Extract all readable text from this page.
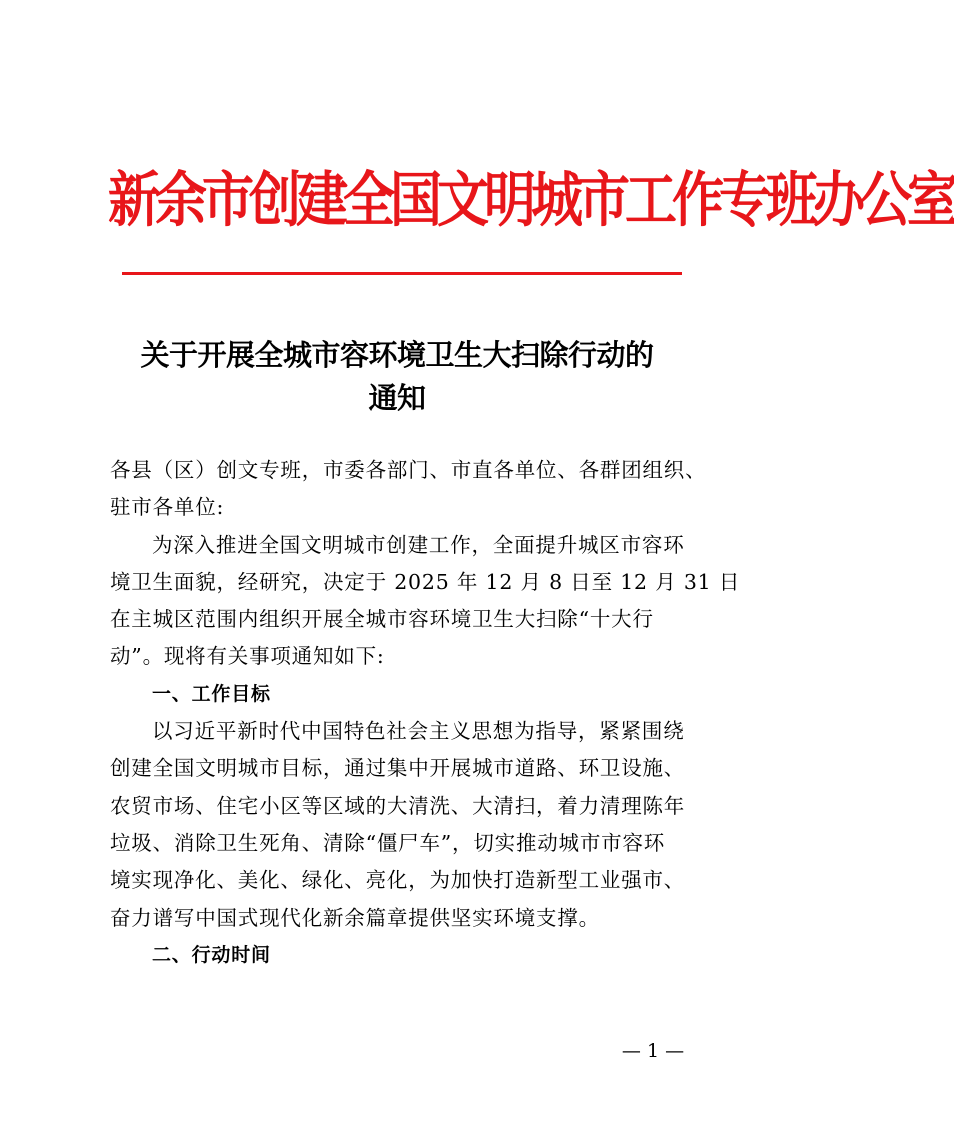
新余市创建全国文明城市工作专班办公室
关于开展全城市容环境卫生大扫除行动的
通知
各县（区）创文专班，市委各部门、市直各单位、各群团组织、
驻市各单位:
为深入推进全国文明城市创建工作，全面提升城区市容环
境卫生面貌，经研究，决定于 2025 年 12 月 8 日至 12 月 31 日
在主城区范围内组织开展全城市容环境卫生大扫除“十大行
动”。现将有关事项通知如下:
一、工作目标
以习近平新时代中国特色社会主义思想为指导，紧紧围绕
创建全国文明城市目标，通过集中开展城市道路、环卫设施、
农贸市场、住宅小区等区域的大清洗、大清扫，着力清理陈年
垃圾、消除卫生死角、清除“僵尸车”，切实推动城市市容环
境实现净化、美化、绿化、亮化，为加快打造新型工业强市、
奋力谱写中国式现代化新余篇章提供坚实环境支撑。
二、行动时间
— 1 —
